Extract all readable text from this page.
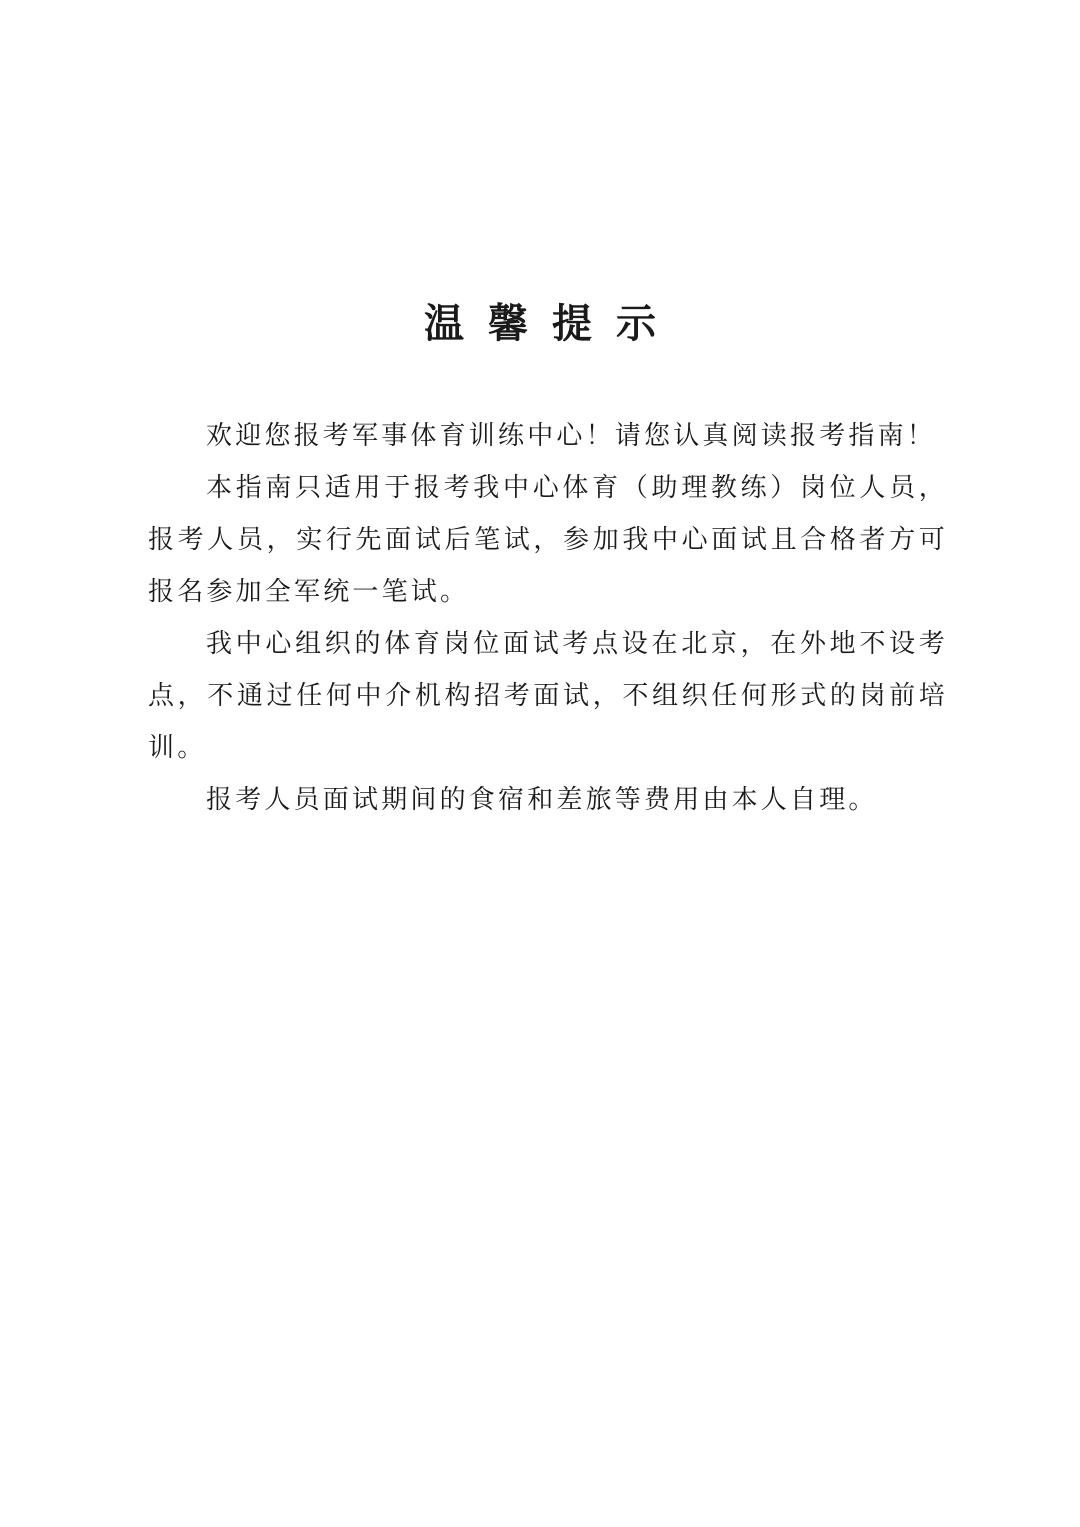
温馨提示

欢迎您报考军事体育训练中心！请您认真阅读报考指南！

本指南只适用于报考我中心体育（助理教练）岗位人员，报考人员，实行先面试后笔试，参加我中心面试且合格者方可报名参加全军统一笔试。

我中心组织的体育岗位面试考点设在北京，在外地不设考点，不通过任何中介机构招考面试，不组织任何形式的岗前培训。

报考人员面试期间的食宿和差旅等费用由本人自理。
